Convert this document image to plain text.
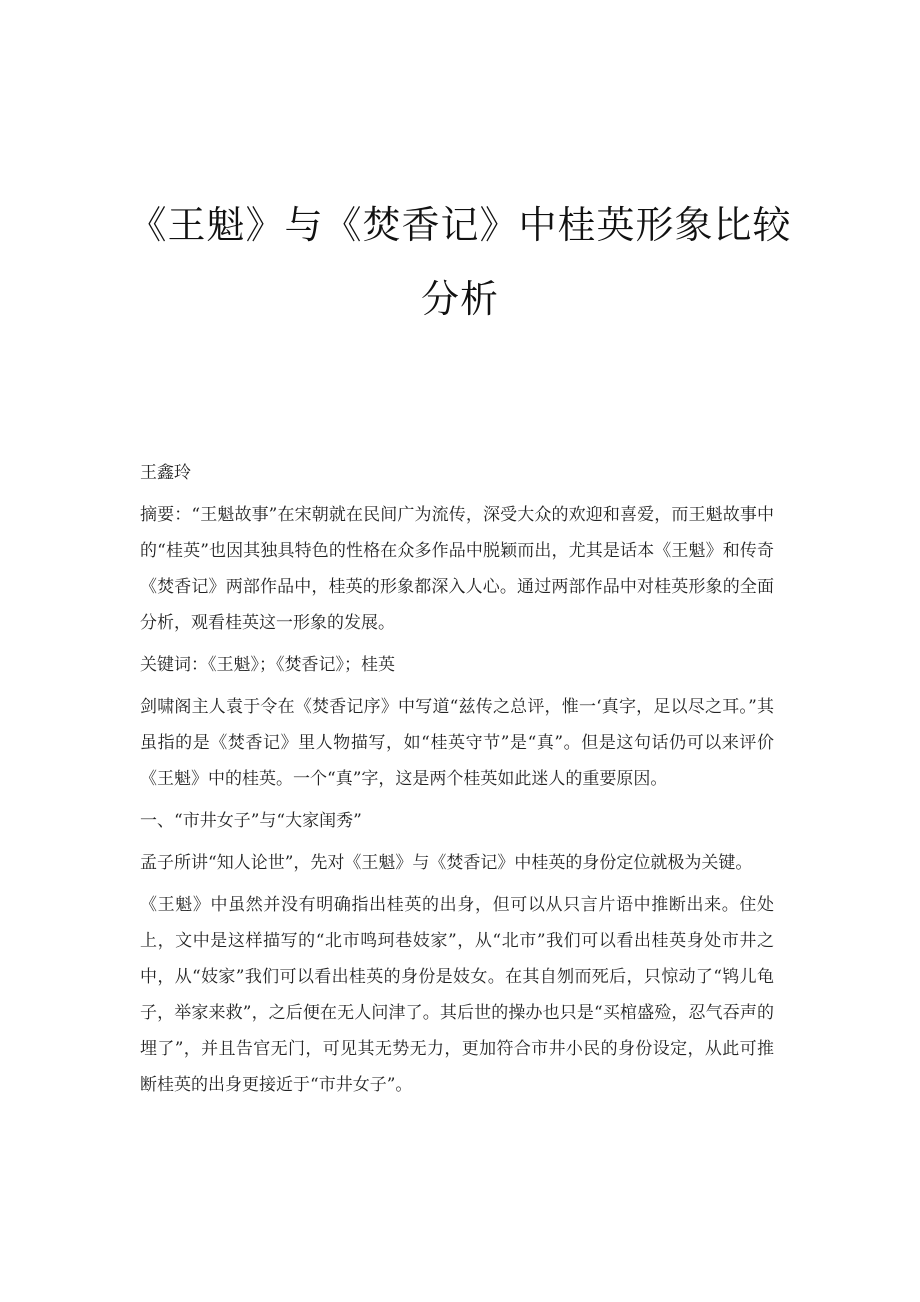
《王魁》与《焚香记》中桂英形象比较分析

王鑫玲

摘要：“王魁故事”在宋朝就在民间广为流传，深受大众的欢迎和喜爱，而王魁故事中的“桂英”也因其独具特色的性格在众多作品中脱颖而出，尤其是话本《王魁》和传奇《焚香记》两部作品中，桂英的形象都深入人心。通过两部作品中对桂英形象的全面分析，观看桂英这一形象的发展。

关键词：《王魁》；《焚香记》；桂英

剑啸阁主人袁于令在《焚香记序》中写道“兹传之总评，惟一‘真字，足以尽之耳。”其虽指的是《焚香记》里人物描写，如“桂英守节”是“真”。但是这句话仍可以来评价《王魁》中的桂英。一个“真”字，这是两个桂英如此迷人的重要原因。

一、“市井女子”与“大家闺秀”

孟子所讲“知人论世”，先对《王魁》与《焚香记》中桂英的身份定位就极为关键。

《王魁》中虽然并没有明确指出桂英的出身，但可以从只言片语中推断出来。住处上，文中是这样描写的“北市鸣珂巷妓家”，从“北市”我们可以看出桂英身处市井之中，从“妓家”我们可以看出桂英的身份是妓女。在其自刎而死后，只惊动了“鸨儿龟子，举家来救”，之后便在无人问津了。其后世的操办也只是“买棺盛殓，忍气吞声的埋了”，并且告官无门，可见其无势无力，更加符合市井小民的身份设定，从此可推断桂英的出身更接近于“市井女子”。
